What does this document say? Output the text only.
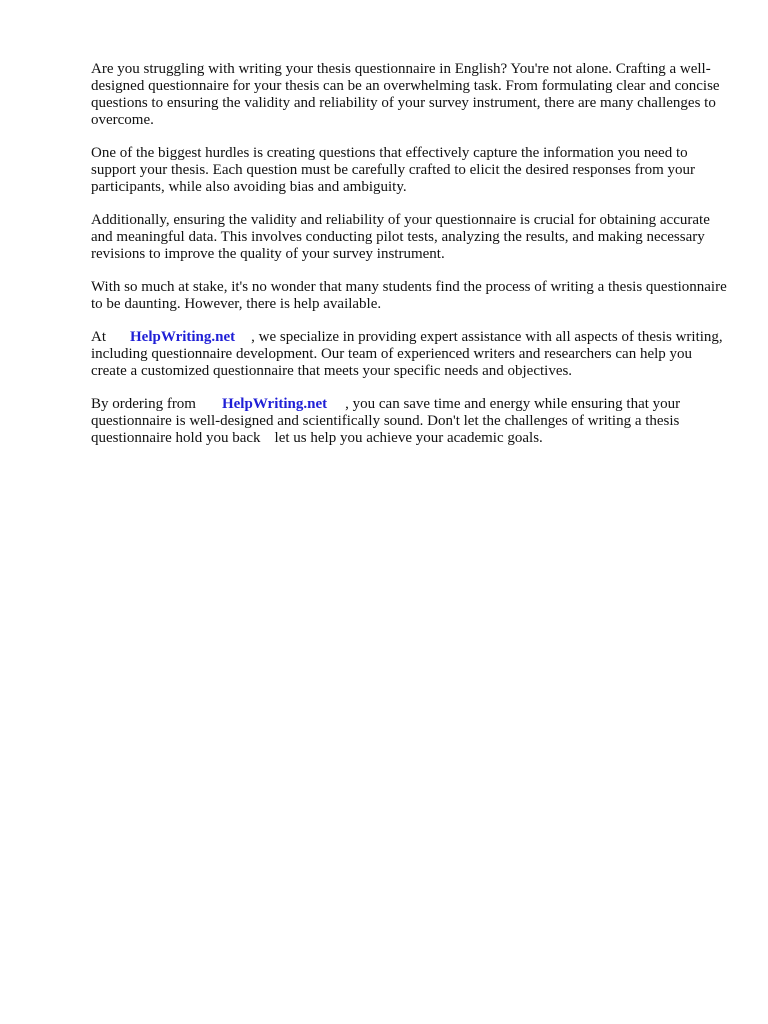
Are you struggling with writing your thesis questionnaire in English? You're not alone. Crafting a well-designed questionnaire for your thesis can be an overwhelming task. From formulating clear and concise questions to ensuring the validity and reliability of your survey instrument, there are many challenges to overcome.

One of the biggest hurdles is creating questions that effectively capture the information you need to support your thesis. Each question must be carefully crafted to elicit the desired responses from your participants, while also avoiding bias and ambiguity.

Additionally, ensuring the validity and reliability of your questionnaire is crucial for obtaining accurate and meaningful data. This involves conducting pilot tests, analyzing the results, and making necessary revisions to improve the quality of your survey instrument.

With so much at stake, it's no wonder that many students find the process of writing a thesis questionnaire to be daunting. However, there is help available.

At HelpWriting.net , we specialize in providing expert assistance with all aspects of thesis writing, including questionnaire development. Our team of experienced writers and researchers can help you create a customized questionnaire that meets your specific needs and objectives.

By ordering from HelpWriting.net , you can save time and energy while ensuring that your questionnaire is well-designed and scientifically sound. Don't let the challenges of writing a thesis questionnaire hold you back let us help you achieve your academic goals.
